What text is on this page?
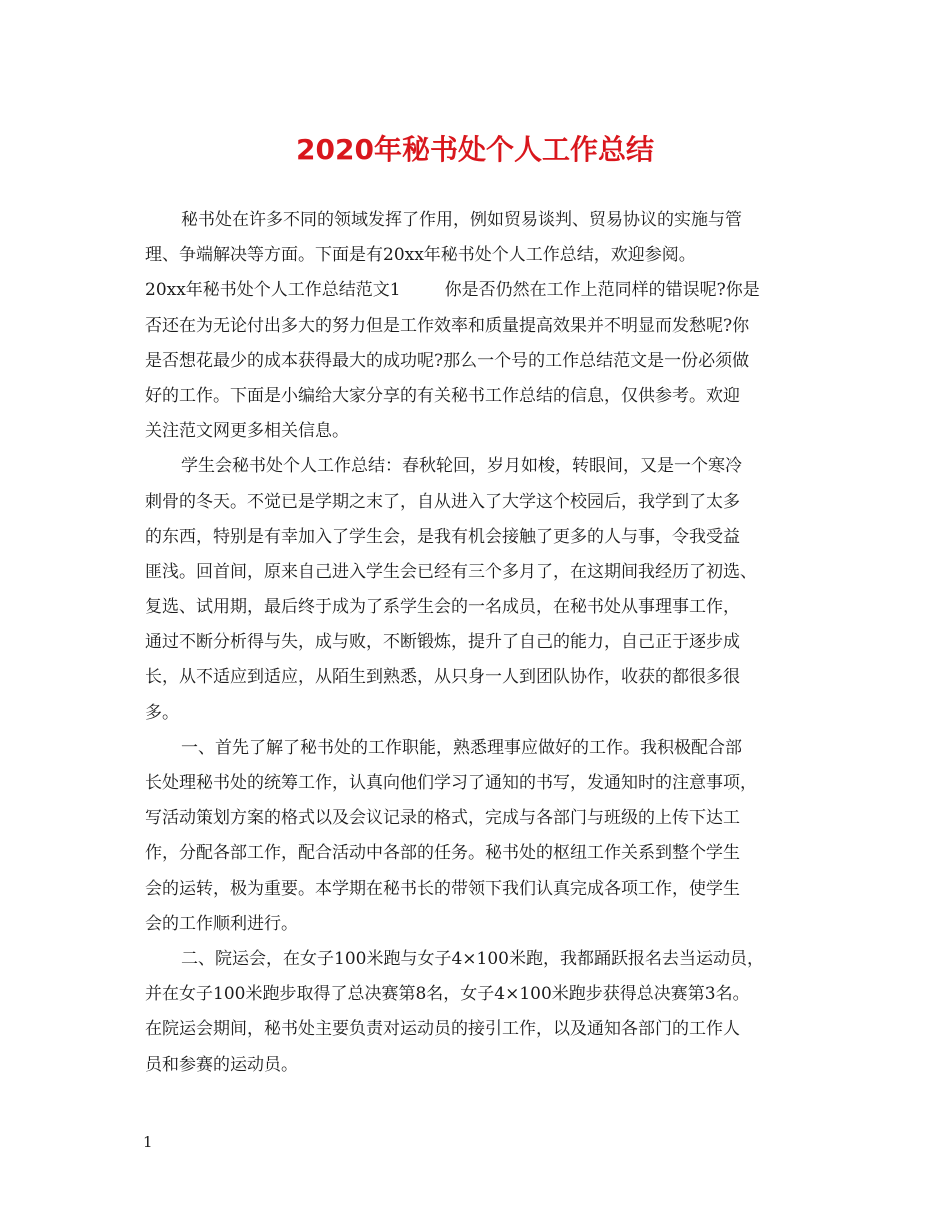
2020年秘书处个人工作总结
秘书处在许多不同的领域发挥了作用，例如贸易谈判、贸易协议的实施与管
理、争端解决等方面。下面是有20xx年秘书处个人工作总结，欢迎参阅。
20xx年秘书处个人工作总结范文1	你是否仍然在工作上范同样的错误呢?你是
否还在为无论付出多大的努力但是工作效率和质量提高效果并不明显而发愁呢?你
是否想花最少的成本获得最大的成功呢?那么一个号的工作总结范文是一份必须做
好的工作。下面是小编给大家分享的有关秘书工作总结的信息，仅供参考。欢迎
关注范文网更多相关信息。
学生会秘书处个人工作总结：春秋轮回，岁月如梭，转眼间，又是一个寒冷
刺骨的冬天。不觉已是学期之末了，自从进入了大学这个校园后，我学到了太多
的东西，特别是有幸加入了学生会，是我有机会接触了更多的人与事，令我受益
匪浅。回首间，原来自己进入学生会已经有三个多月了，在这期间我经历了初选、
复选、试用期，最后终于成为了系学生会的一名成员，在秘书处从事理事工作，
通过不断分析得与失，成与败，不断锻炼，提升了自己的能力，自己正于逐步成
长，从不适应到适应，从陌生到熟悉，从只身一人到团队协作，收获的都很多很
多。
一、首先了解了秘书处的工作职能，熟悉理事应做好的工作。我积极配合部
长处理秘书处的统筹工作，认真向他们学习了通知的书写，发通知时的注意事项，
写活动策划方案的格式以及会议记录的格式，完成与各部门与班级的上传下达工
作，分配各部工作，配合活动中各部的任务。秘书处的枢纽工作关系到整个学生
会的运转，极为重要。本学期在秘书长的带领下我们认真完成各项工作，使学生
会的工作顺利进行。
二、院运会，在女子100米跑与女子4×100米跑，我都踊跃报名去当运动员，
并在女子100米跑步取得了总决赛第8名，女子4×100米跑步获得总决赛第3名。
在院运会期间，秘书处主要负责对运动员的接引工作，以及通知各部门的工作人
员和参赛的运动员。
1
